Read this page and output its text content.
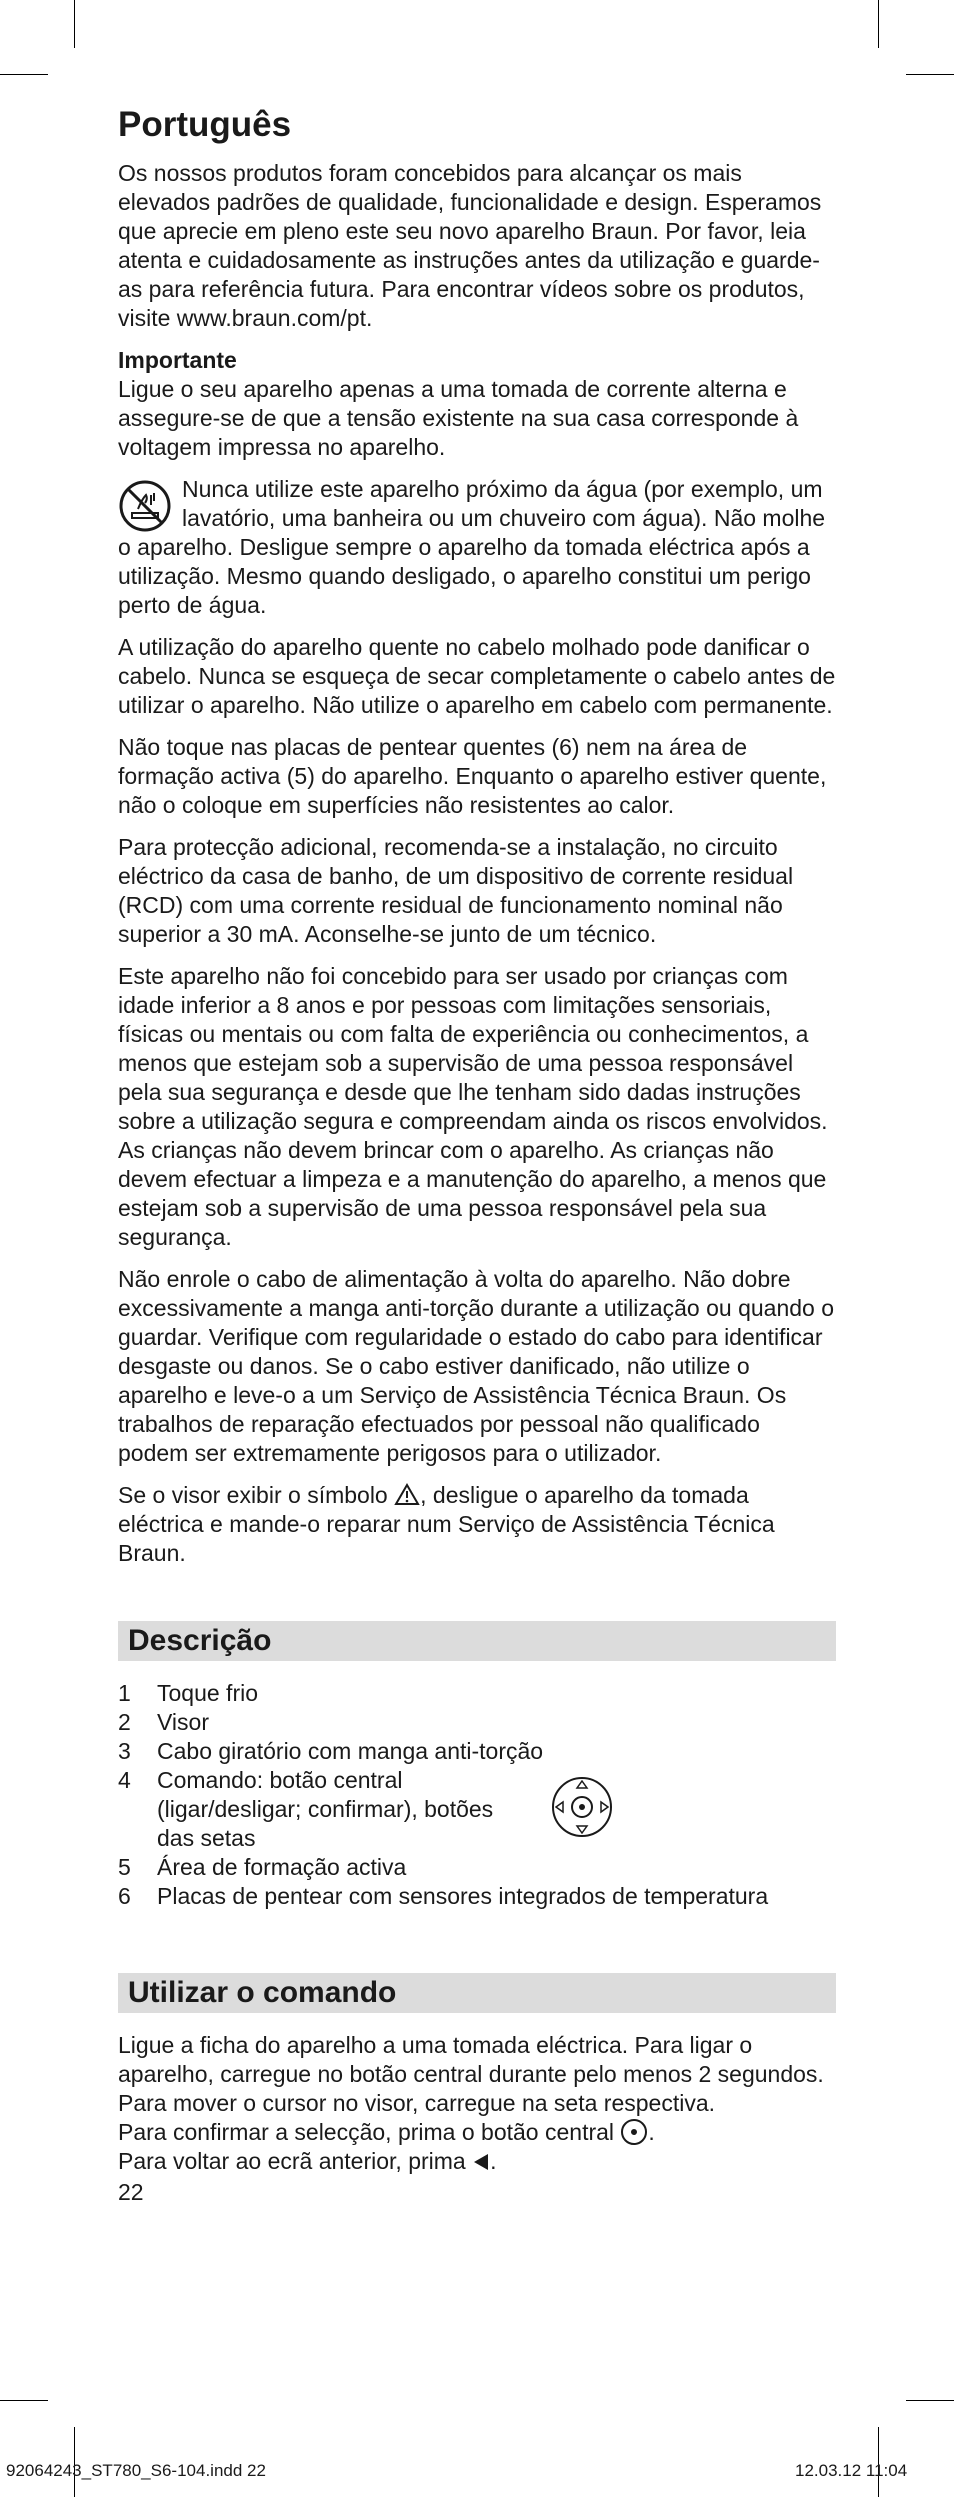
Português

Os nossos produtos foram concebidos para alcançar os mais elevados padrões de qualidade, funcionalidade e design. Esperamos que aprecie em pleno este seu novo aparelho Braun. Por favor, leia atenta e cuidadosamente as instruções antes da utilização e guarde-as para referência futura. Para encontrar vídeos sobre os produtos, visite www.braun.com/pt.

Importante

Ligue o seu aparelho apenas a uma tomada de corrente alterna e assegure-se de que a tensão existente na sua casa corresponde à voltagem impressa no aparelho.

Nunca utilize este aparelho próximo da água (por exemplo, um lavatório, uma banheira ou um chuveiro com água). Não molhe o aparelho. Desligue sempre o aparelho da tomada eléctrica após a utilização. Mesmo quando desligado, o aparelho constitui um perigo perto de água.

A utilização do aparelho quente no cabelo molhado pode danificar o cabelo. Nunca se esqueça de secar completamente o cabelo antes de utilizar o aparelho. Não utilize o aparelho em cabelo com permanente.

Não toque nas placas de pentear quentes (6) nem na área de formação activa (5) do aparelho. Enquanto o aparelho estiver quente, não o coloque em superfícies não resistentes ao calor.

Para protecção adicional, recomenda-se a instalação, no circuito eléctrico da casa de banho, de um dispositivo de corrente residual (RCD) com uma corrente residual de funcionamento nominal não superior a 30 mA. Aconselhe-se junto de um técnico.

Este aparelho não foi concebido para ser usado por crianças com idade inferior a 8 anos e por pessoas com limitações sensoriais, físicas ou mentais ou com falta de experiência ou conhecimentos, a menos que estejam sob a supervisão de uma pessoa responsável pela sua segurança e desde que lhe tenham sido dadas instruções sobre a utilização segura e compreendam ainda os riscos envolvidos. As crianças não devem brincar com o aparelho. As crianças não devem efectuar a limpeza e a manutenção do aparelho, a menos que estejam sob a supervisão de uma pessoa responsável pela sua segurança.

Não enrole o cabo de alimentação à volta do aparelho. Não dobre excessivamente a manga anti-torção durante a utilização ou quando o guardar. Verifique com regularidade o estado do cabo para identificar desgaste ou danos. Se o cabo estiver danificado, não utilize o aparelho e leve-o a um Serviço de Assistência Técnica Braun. Os trabalhos de reparação efectuados por pessoal não qualificado podem ser extremamente perigosos para o utilizador.

Se o visor exibir o símbolo , desligue o aparelho da tomada eléctrica e mande-o reparar num Serviço de Assistência Técnica Braun.

Descrição
1	Toque frio
2	Visor
3	Cabo giratório com manga anti-torção
4	Comando: botão central (ligar/desligar; confirmar), botões das setas
5	Área de formação activa
6	Placas de pentear com sensores integrados de temperatura
Utilizar o comando

Ligue a ficha do aparelho a uma tomada eléctrica. Para ligar o aparelho, carregue no botão central durante pelo menos 2 segundos. Para mover o cursor no visor, carregue na seta respectiva.

Para confirmar a selecção, prima o botão central .

Para voltar ao ecrã anterior, prima .

22
92064243_ST780_S6-104.indd 22	12.03.12 11:04
